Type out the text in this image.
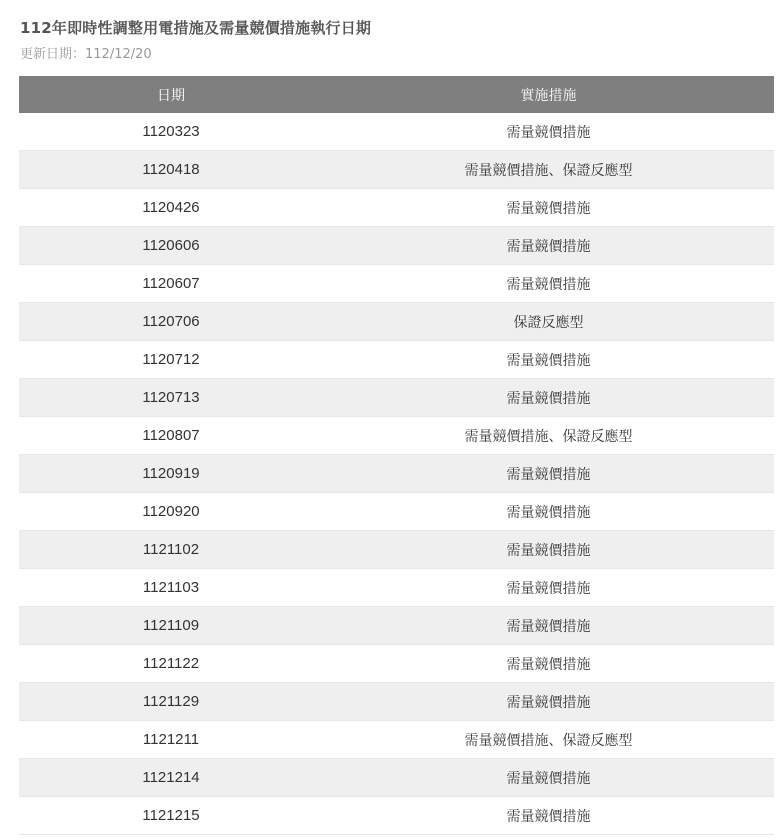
112年即時性調整用電措施及需量競價措施執行日期
更新日期：112/12/20
日期	實施措施
1120323	需量競價措施
1120418	需量競價措施、保證反應型
1120426	需量競價措施
1120606	需量競價措施
1120607	需量競價措施
1120706	保證反應型
1120712	需量競價措施
1120713	需量競價措施
1120807	需量競價措施、保證反應型
1120919	需量競價措施
1120920	需量競價措施
1121102	需量競價措施
1121103	需量競價措施
1121109	需量競價措施
1121122	需量競價措施
1121129	需量競價措施
1121211	需量競價措施、保證反應型
1121214	需量競價措施
1121215	需量競價措施
